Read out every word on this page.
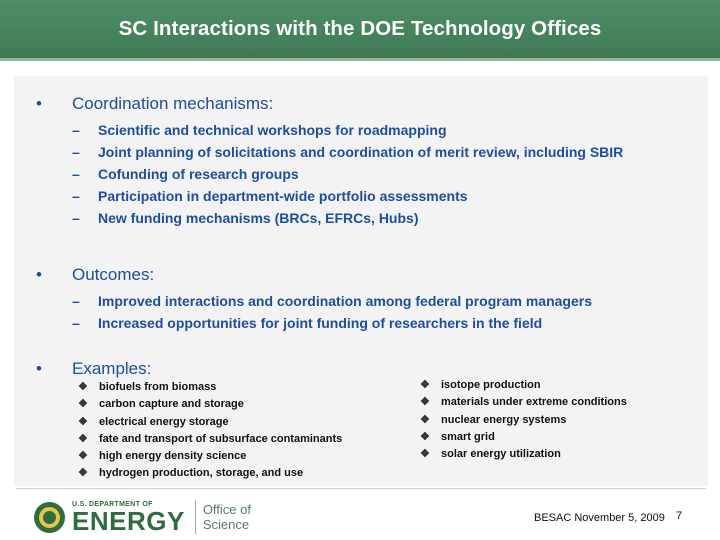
SC Interactions with the DOE Technology Offices
• Coordination mechanisms:
– Scientific and technical workshops for roadmapping
– Joint planning of solicitations and coordination of merit review, including SBIR
– Cofunding of research groups
– Participation in department-wide portfolio assessments
– New funding mechanisms (BRCs, EFRCs, Hubs)
• Outcomes:
– Improved interactions and coordination among federal program managers
– Increased opportunities for joint funding of researchers in the field
• Examples:
❖ biofuels from biomass
❖ carbon capture and storage
❖ electrical energy storage
❖ fate and transport of subsurface contaminants
❖ high energy density science
❖ hydrogen production, storage, and use
❖ isotope production
❖ materials under extreme conditions
❖ nuclear energy systems
❖ smart grid
❖ solar energy utilization
U.S. DEPARTMENT OF
ENERGY Office of
Science	BESAC November 5, 2009 7
